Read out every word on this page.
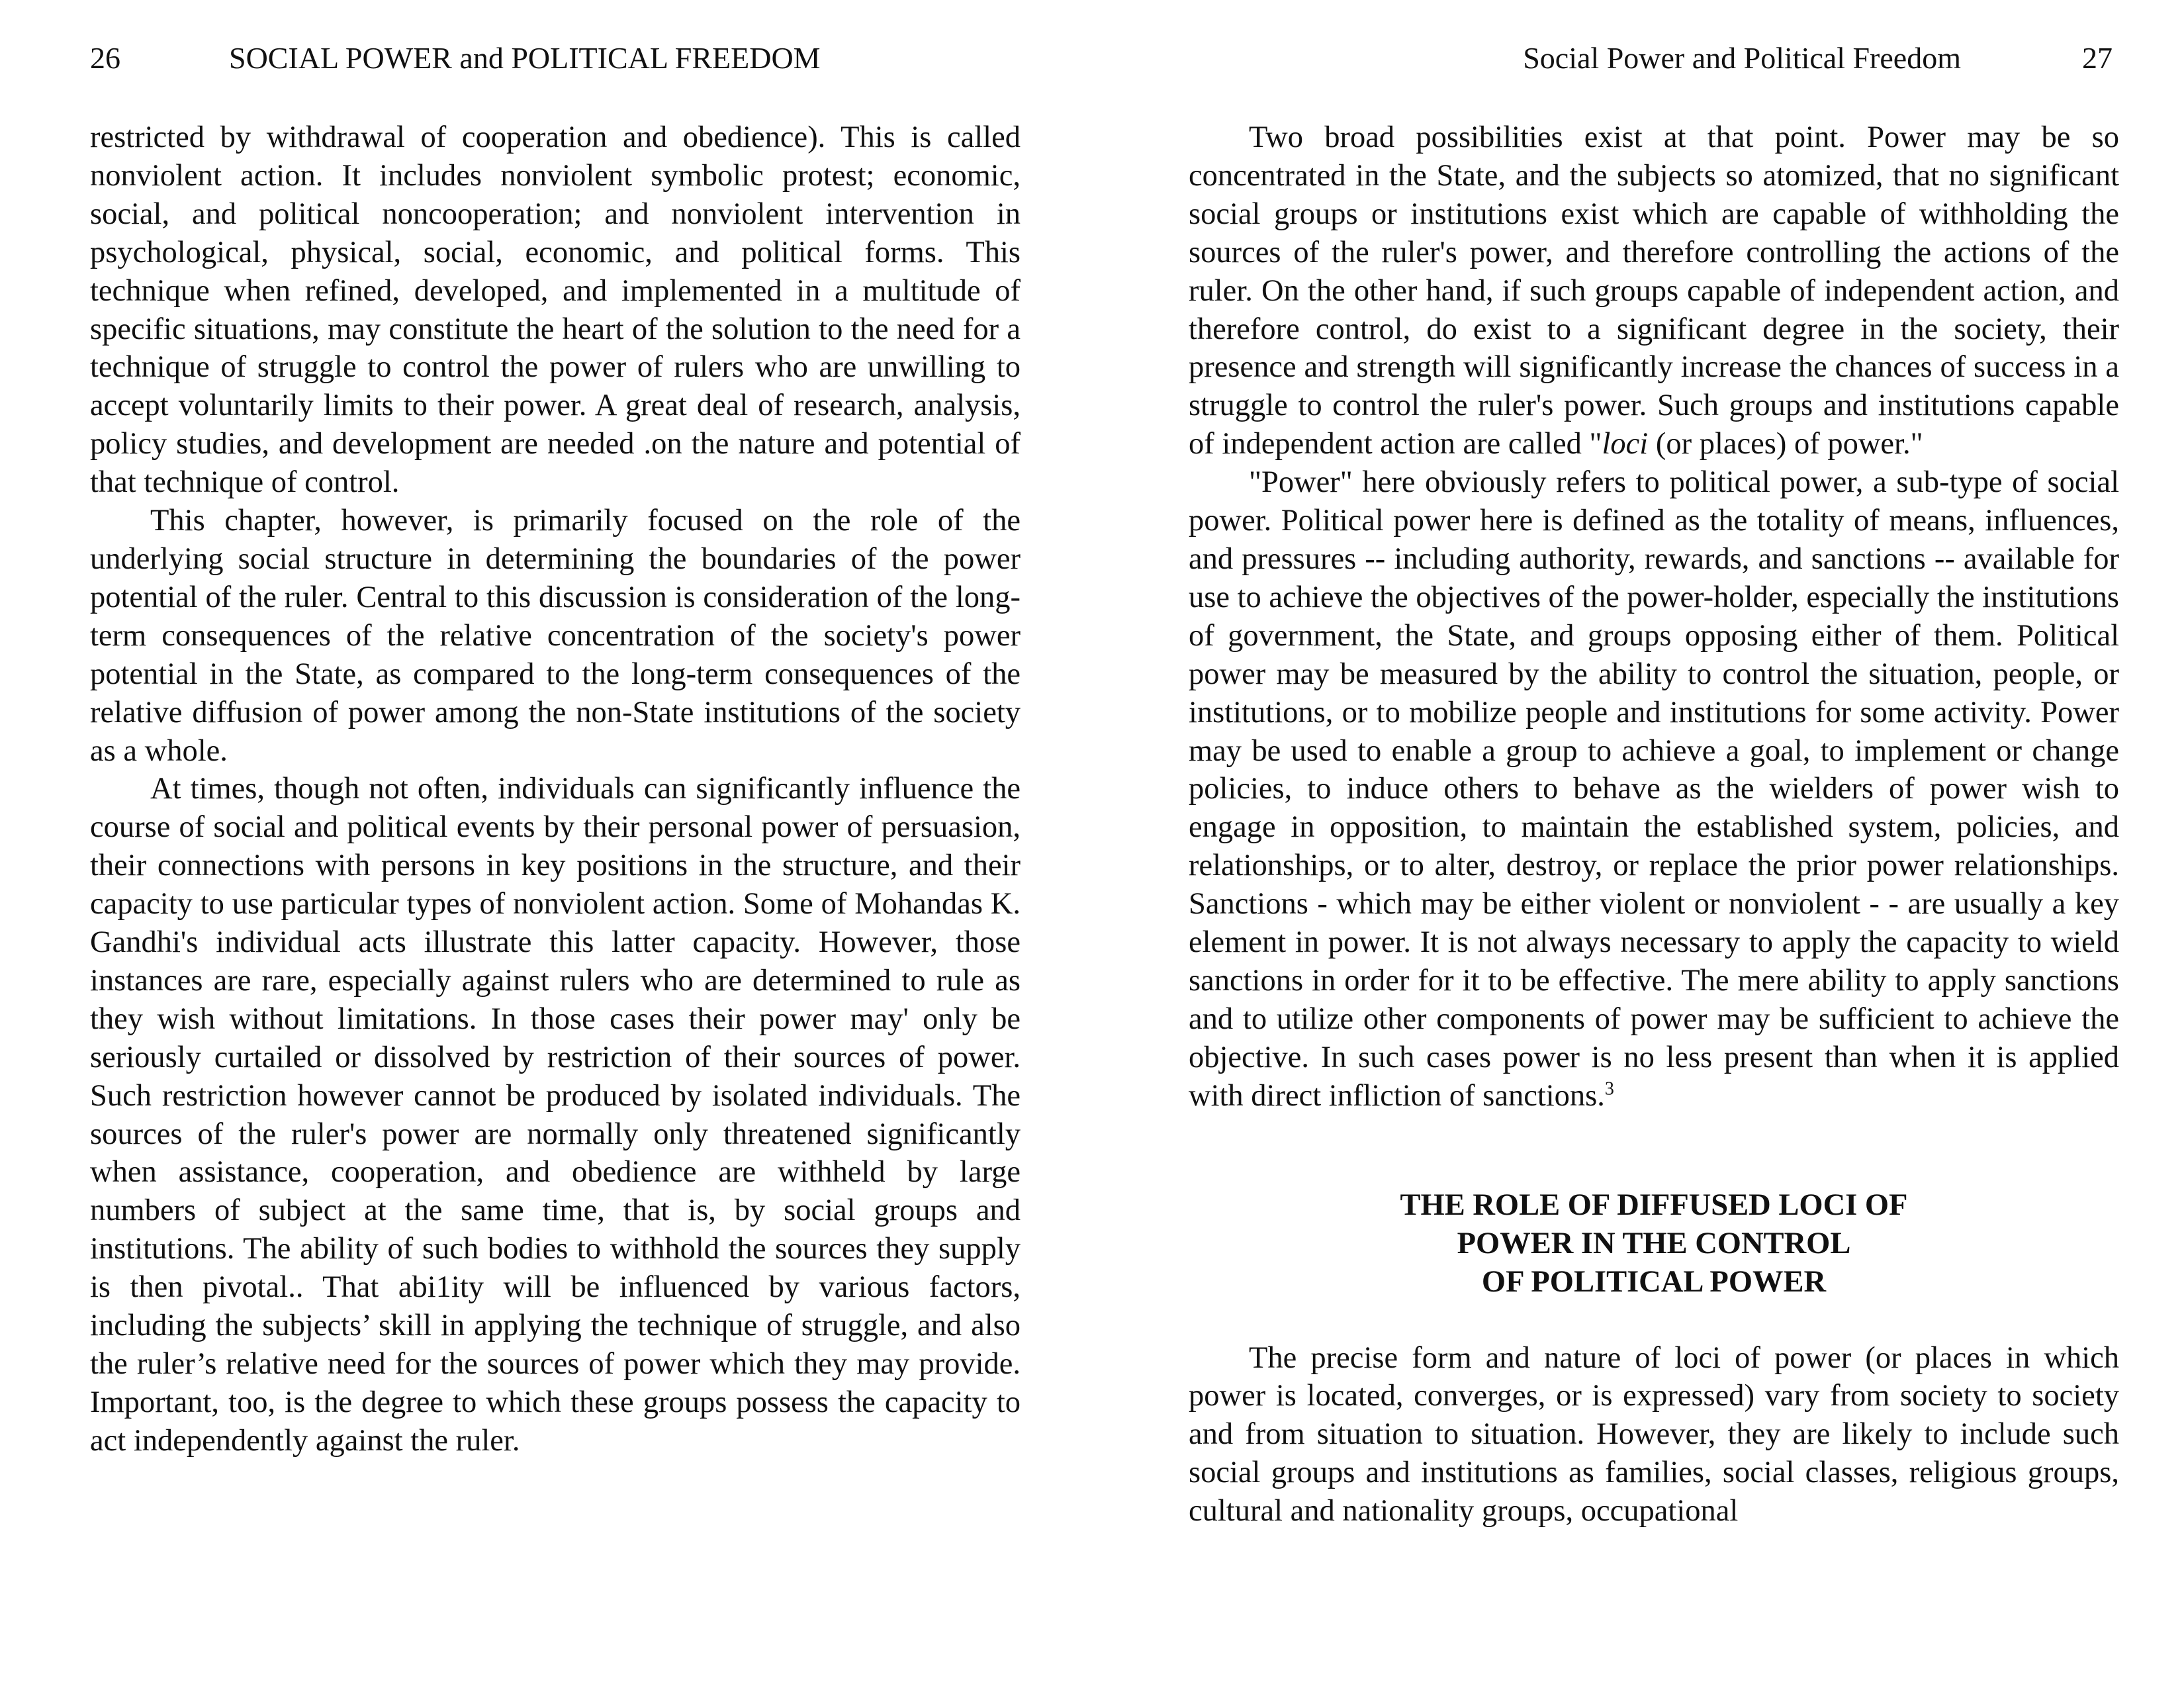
26	SOCIAL POWER and POLITICAL FREEDOM

restricted by withdrawal of cooperation and obedience). This is called nonviolent action. It includes nonviolent symbolic protest; economic, social, and political noncooperation; and nonviolent intervention in psychological, physical, social, economic, and political forms. This technique when refined, developed, and implemented in a multitude of specific situations, may constitute the heart of the solution to the need for a technique of struggle to control the power of rulers who are unwilling to accept voluntarily limits to their power. A great deal of research, analysis, policy studies, and development are needed .on the nature and potential of that technique of control.

This chapter, however, is primarily focused on the role of the underlying social structure in determining the boundaries of the power potential of the ruler. Central to this discussion is consideration of the long-term consequences of the relative concentration of the society's power potential in the State, as compared to the long-term consequences of the relative diffusion of power among the non-State institutions of the society as a whole.

At times, though not often, individuals can significantly influence the course of social and political events by their personal power of persuasion, their connections with persons in key positions in the structure, and their capacity to use particular types of nonviolent action. Some of Mohandas K. Gandhi's individual acts illustrate this latter capacity. However, those instances are rare, especially against rulers who are determined to rule as they wish without limitations. In those cases their power may' only be seriously curtailed or dissolved by restriction of their sources of power. Such restriction however cannot be produced by isolated individuals. The sources of the ruler's power are normally only threatened significantly when assistance, cooperation, and obedience are withheld by large numbers of subject at the same time, that is, by social groups and institutions. The ability of such bodies to withhold the sources they supply is then pivotal.. That abi1ity will be influenced by various factors, including the subjects’ skill in applying the technique of struggle, and also the ruler’s relative need for the sources of power which they may provide. Important, too, is the degree to which these groups possess the capacity to act independently against the ruler.

Social Power and Political Freedom	27

Two broad possibilities exist at that point. Power may be so concentrated in the State, and the subjects so atomized, that no significant social groups or institutions exist which are capable of withholding the sources of the ruler's power, and therefore controlling the actions of the ruler. On the other hand, if such groups capable of independent action, and therefore control, do exist to a significant degree in the society, their presence and strength will significantly increase the chances of success in a struggle to control the ruler's power. Such groups and institutions capable of independent action are called "loci (or places) of power."

"Power" here obviously refers to political power, a sub-type of social power. Political power here is defined as the totality of means, influences, and pressures -- including authority, rewards, and sanctions -- available for use to achieve the objectives of the power-holder, especially the institutions of government, the State, and groups opposing either of them. Political power may be measured by the ability to control the situation, people, or institutions, or to mobilize people and institutions for some activity. Power may be used to enable a group to achieve a goal, to implement or change policies, to induce others to behave as the wielders of power wish to engage in opposition, to maintain the established system, policies, and relationships, or to alter, destroy, or replace the prior power relationships. Sanctions - which may be either violent or nonviolent - - are usually a key element in power. It is not always necessary to apply the capacity to wield sanctions in order for it to be effective. The mere ability to apply sanctions and to utilize other components of power may be sufficient to achieve the objective. In such cases power is no less present than when it is applied with direct infliction of sanctions.$^3$

THE ROLE OF DIFFUSED LOCI OF
POWER IN THE CONTROL
OF POLITICAL POWER

The precise form and nature of loci of power (or places in which power is located, converges, or is expressed) vary from society to society and from situation to situation. However, they are likely to include such social groups and institutions as families, social classes, religious groups, cultural and nationality groups, occupational
